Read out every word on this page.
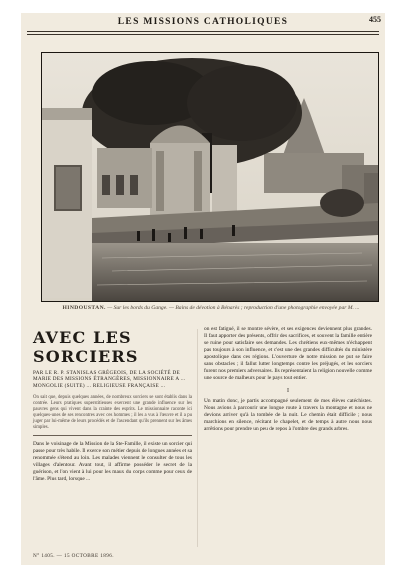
LES MISSIONS CATHOLIQUES	455
HINDOUSTAN. — Sur les bords du Gange. — Bains de dévotion à Bénarès ; reproduction d'une photographie envoyée par M. ...
AVEC LES SORCIERS

PAR LE R. P. STANISLAS GRÉGEOIS, DE LA SOCIÉTÉ DE MARIE DES MISSIONS ÉTRANGÈRES, MISSIONNAIRE A ... MONGOLIE (SUITE) ... RELIGIEUSE FRANÇAISE ...

On sait que, depuis quelques années, de nombreux sorciers se sont établis dans la contrée. Leurs pratiques superstitieuses exercent une grande influence sur les pauvres gens qui vivent dans la crainte des esprits. Le missionnaire raconte ici quelques-unes de ses rencontres avec ces hommes ; il les a vus à l'œuvre et il a pu juger par lui-même de leurs procédés et de l'ascendant qu'ils prennent sur les âmes simples.

Dans le voisinage de la Mission de la Ste-Famille, il existe un sorcier qui passe pour très habile. Il exerce son métier depuis de longues années et sa renommée s'étend au loin. Les malades viennent le consulter de tous les villages d'alentour. Avant tout, il affirme posséder le secret de la guérison, et l'on vient à lui pour les maux du corps comme pour ceux de l'âme. Plus tard, lorsque ...

on est fatigué, il se montre sévère, et ses exigences deviennent plus grandes. Il faut apporter des présents, offrir des sacrifices, et souvent la famille entière se ruine pour satisfaire ses demandes. Les chrétiens eux-mêmes n'échappent pas toujours à son influence, et c'est une des grandes difficultés du ministère apostolique dans ces régions. L'ouverture de notre mission ne put se faire sans obstacles ; il fallut lutter longtemps contre les préjugés, et les sorciers furent nos premiers adversaires. Ils représentaient la religion nouvelle comme une source de malheurs pour le pays tout entier.

I

Un matin donc, je partis accompagné seulement de mes élèves catéchistes. Nous avions à parcourir une longue route à travers la montagne et nous ne devions arriver qu'à la tombée de la nuit. Le chemin était difficile ; nous marchions en silence, récitant le chapelet, et de temps à autre nous nous arrêtions pour prendre un peu de repos à l'ombre des grands arbres.

N° 1405. — 15 OCTOBRE 1896.
